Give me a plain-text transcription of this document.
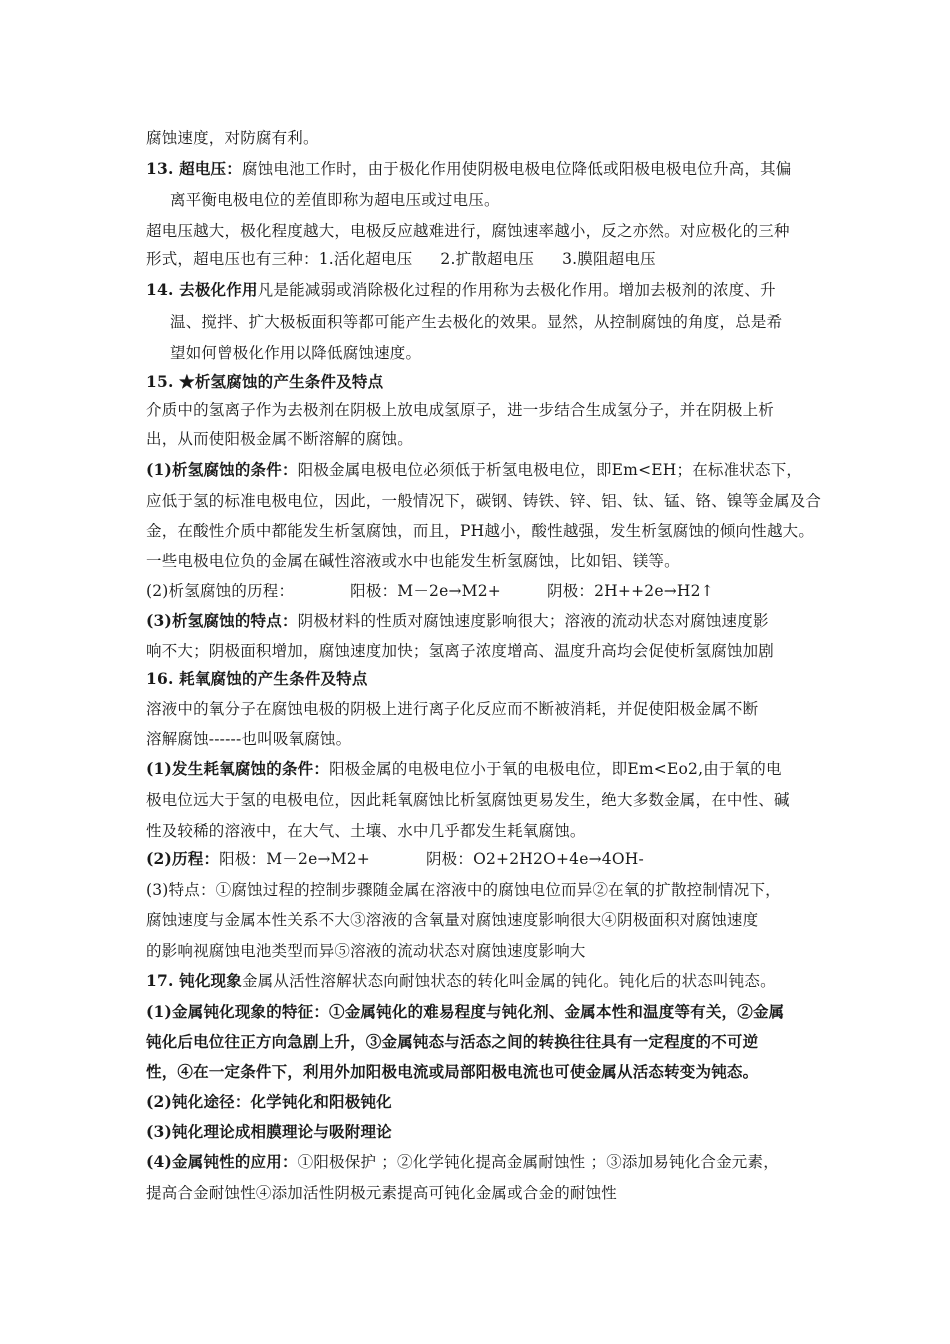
腐蚀速度，对防腐有利。
13. 超电压：腐蚀电池工作时，由于极化作用使阴极电极电位降低或阳极电极电位升高，其偏
离平衡电极电位的差值即称为超电压或过电压。
超电压越大，极化程度越大，电极反应越难进行，腐蚀速率越小，反之亦然。对应极化的三种
形式，超电压也有三种：1.活化超电压 2.扩散超电压 3.膜阻超电压
14. 去极化作用凡是能减弱或消除极化过程的作用称为去极化作用。增加去极剂的浓度、升
温、搅拌、扩大极板面积等都可能产生去极化的效果。显然，从控制腐蚀的角度，总是希
望如何曾极化作用以降低腐蚀速度。
15. ★析氢腐蚀的产生条件及特点
介质中的氢离子作为去极剂在阴极上放电成氢原子，进一步结合生成氢分子，并在阴极上析
出，从而使阳极金属不断溶解的腐蚀。
(1)析氢腐蚀的条件：阳极金属电极电位必须低于析氢电极电位，即Em<EH；在标准状态下，
应低于氢的标准电极电位，因此，一般情况下，碳钢、铸铁、锌、铝、钛、锰、铬、镍等金属及合
金，在酸性介质中都能发生析氢腐蚀，而且，PH越小，酸性越强，发生析氢腐蚀的倾向性越大。
一些电极电位负的金属在碱性溶液或水中也能发生析氢腐蚀，比如铝、镁等。
(2)析氢腐蚀的历程：	阳极：M－2e→M2+	阴极：2H++2e→H2↑
(3)析氢腐蚀的特点：阴极材料的性质对腐蚀速度影响很大；溶液的流动状态对腐蚀速度影
响不大；阴极面积增加，腐蚀速度加快；氢离子浓度增高、温度升高均会促使析氢腐蚀加剧
16. 耗氧腐蚀的产生条件及特点
溶液中的氧分子在腐蚀电极的阴极上进行离子化反应而不断被消耗，并促使阳极金属不断
溶解腐蚀------也叫吸氧腐蚀。
(1)发生耗氧腐蚀的条件：阳极金属的电极电位小于氧的电极电位，即Em<Eo2,由于氧的电
极电位远大于氢的电极电位，因此耗氧腐蚀比析氢腐蚀更易发生，绝大多数金属，在中性、碱
性及较稀的溶液中，在大气、土壤、水中几乎都发生耗氧腐蚀。
(2)历程：阳极：M－2e→M2+	阴极：O2+2H2O+4e→4OH-
(3)特点：①腐蚀过程的控制步骤随金属在溶液中的腐蚀电位而异②在氧的扩散控制情况下，
腐蚀速度与金属本性关系不大③溶液的含氧量对腐蚀速度影响很大④阴极面积对腐蚀速度
的影响视腐蚀电池类型而异⑤溶液的流动状态对腐蚀速度影响大
17. 钝化现象金属从活性溶解状态向耐蚀状态的转化叫金属的钝化。钝化后的状态叫钝态。
(1)金属钝化现象的特征：①金属钝化的难易程度与钝化剂、金属本性和温度等有关，②金属
钝化后电位往正方向急剧上升，③金属钝态与活态之间的转换往往具有一定程度的不可逆
性，④在一定条件下，利用外加阳极电流或局部阳极电流也可使金属从活态转变为钝态。
(2)钝化途径：化学钝化和阳极钝化
(3)钝化理论成相膜理论与吸附理论
(4)金属钝性的应用：①阳极保护 ；②化学钝化提高金属耐蚀性 ；③添加易钝化合金元素，
提高合金耐蚀性④添加活性阴极元素提高可钝化金属或合金的耐蚀性
